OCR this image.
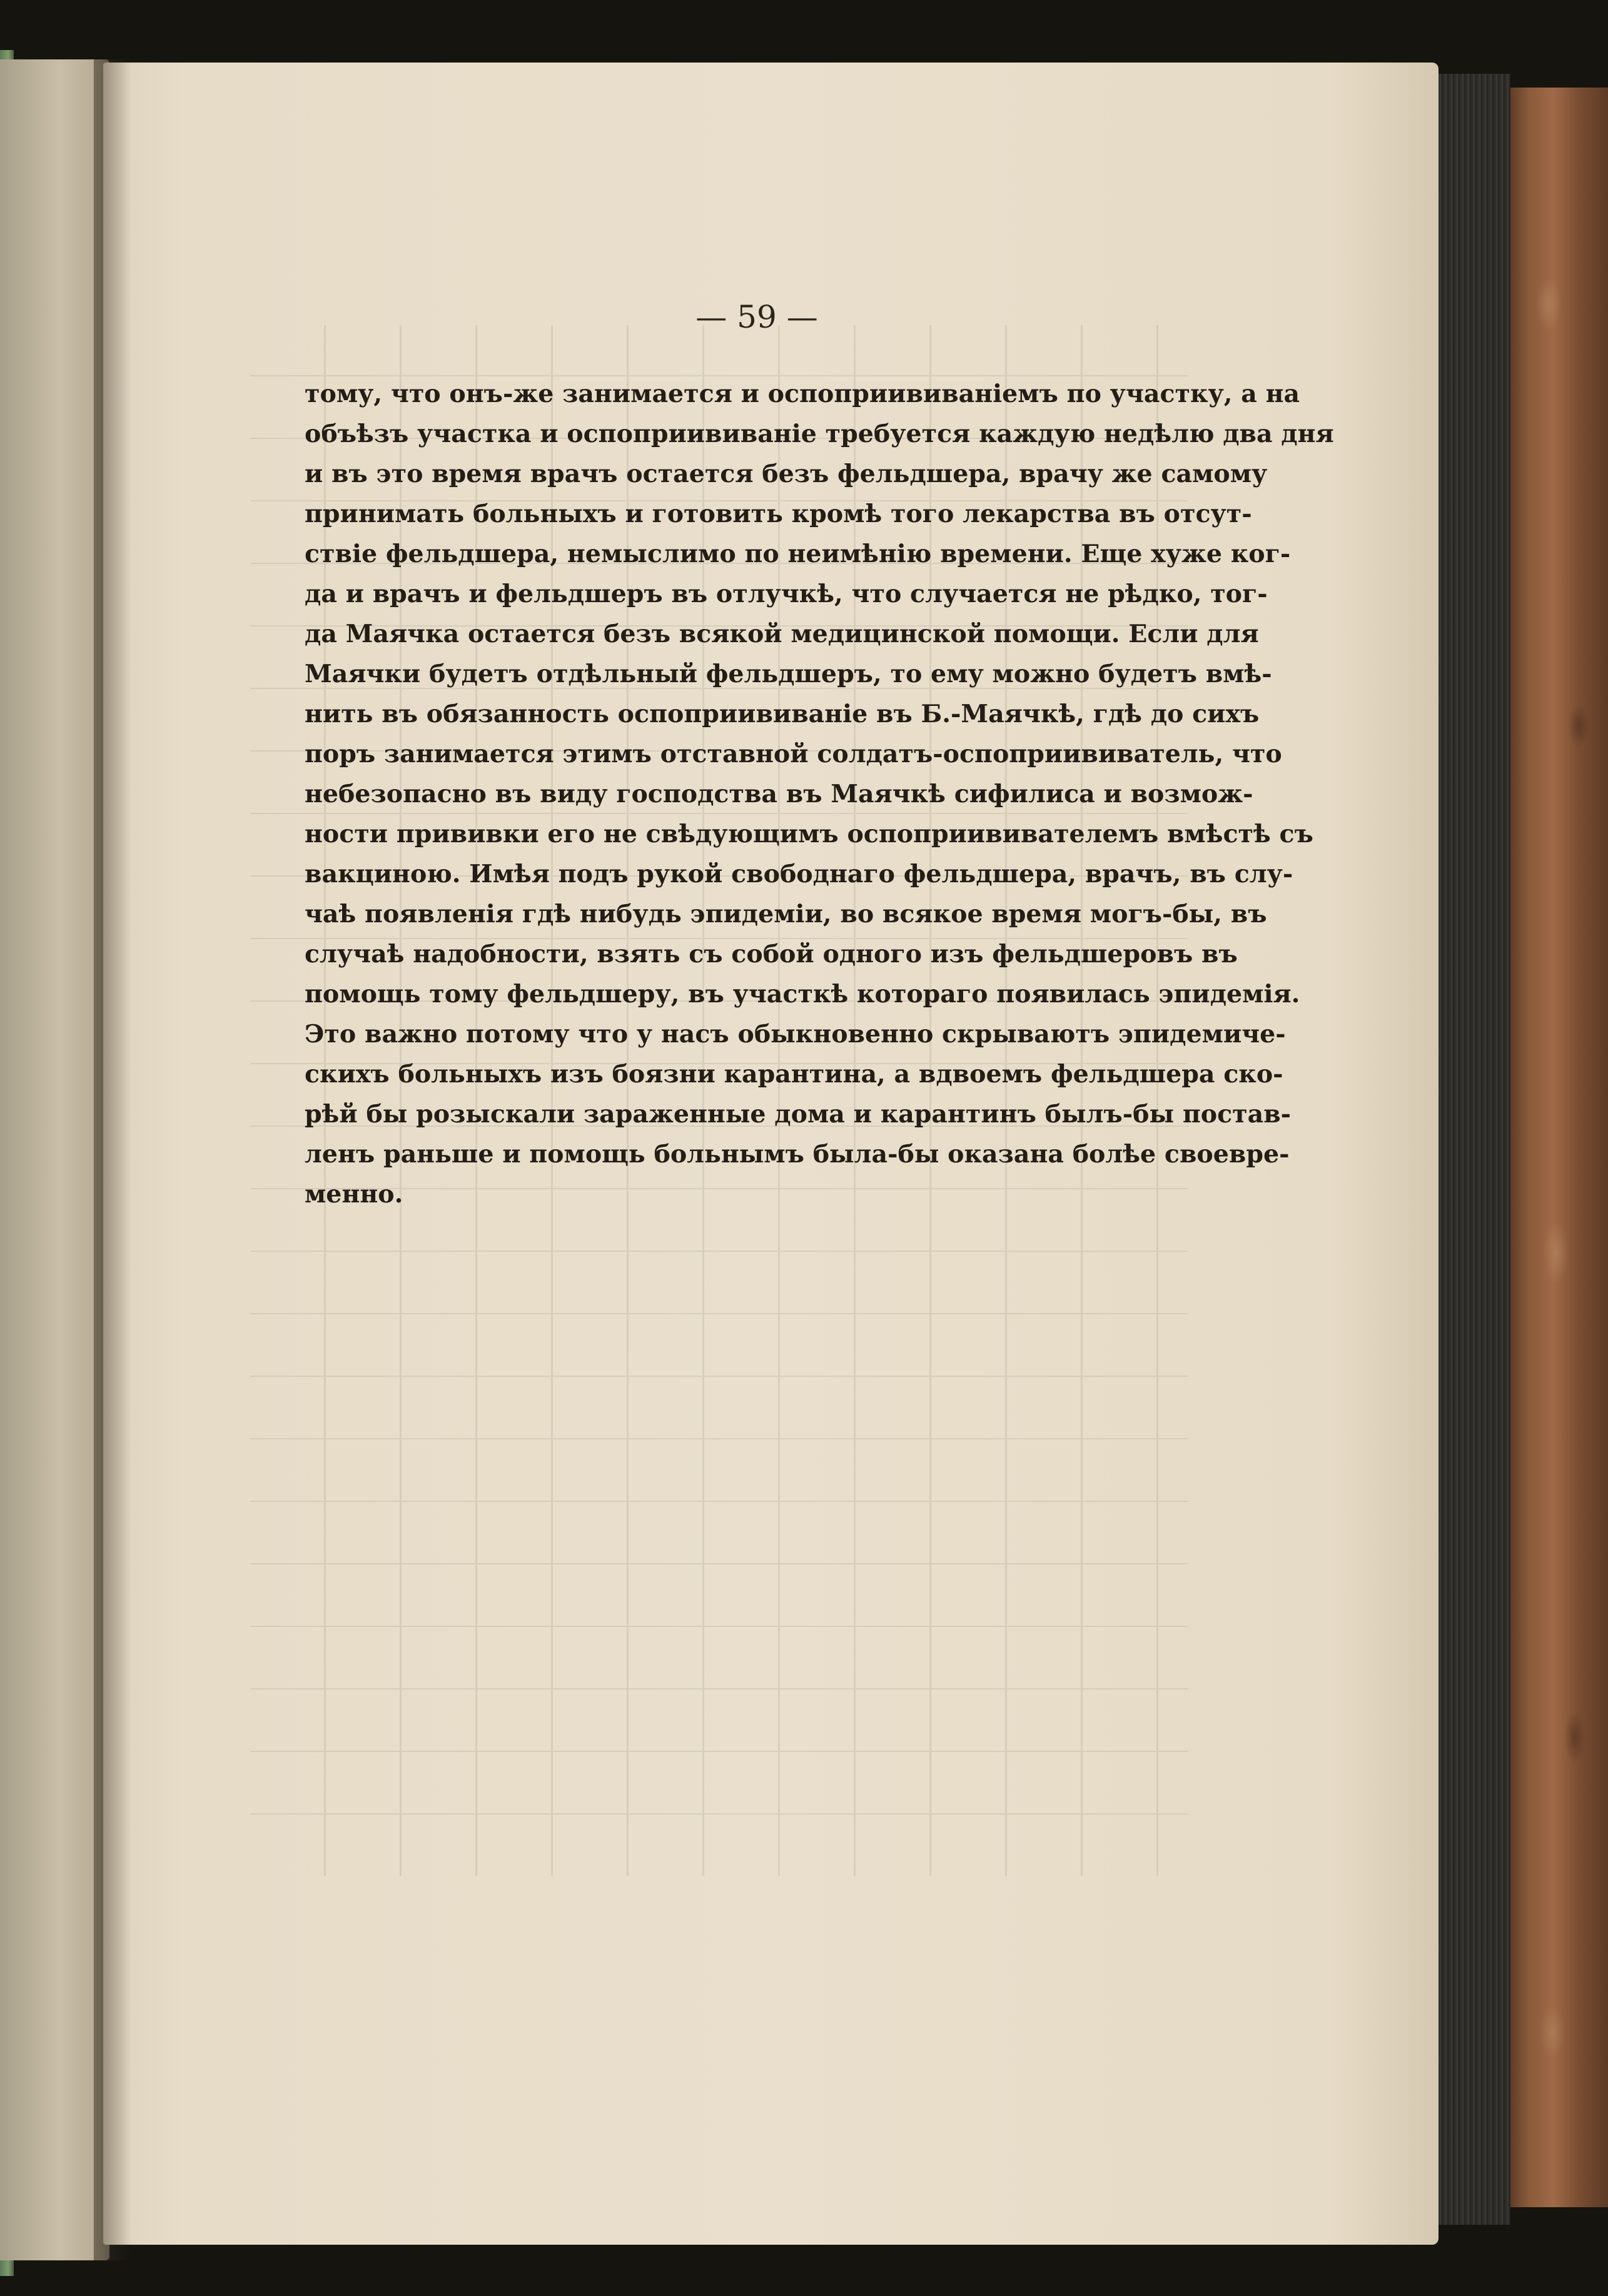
— 59 —

тому, что онъ-же занимается и оспоприививаніемъ по участку, а на
объѣзъ участка и оспоприививаніе требуется каждую недѣлю два дня
и въ это время врачъ остается безъ фельдшера, врачу же самому
принимать больныхъ и готовить кромѣ того лекарства въ отсут-
ствіе фельдшера, немыслимо по неимѣнію времени. Еще хуже ког-
да и врачъ и фельдшеръ въ отлучкѣ, что случается не рѣдко, тог-
да Маячка остается безъ всякой медицинской помощи. Если для
Маячки будетъ отдѣльный фельдшеръ, то ему можно будетъ вмѣ-
нить въ обязанность оспоприививаніе въ Б.-Маячкѣ, гдѣ до сихъ
поръ занимается этимъ отставной солдатъ-оспоприививатель, что
небезопасно въ виду господства въ Маячкѣ сифилиса и возмож-
ности прививки его не свѣдующимъ оспоприививателемъ вмѣстѣ съ
вакциною. Имѣя подъ рукой свободнаго фельдшера, врачъ, въ слу-
чаѣ появленія гдѣ нибудь эпидеміи, во всякое время могъ-бы, въ
случаѣ надобности, взять съ собой одного изъ фельдшеровъ въ
помощь тому фельдшеру, въ участкѣ котораго появилась эпидемія.
Это важно потому что у насъ обыкновенно скрываютъ эпидемиче-
скихъ больныхъ изъ боязни карантина, а вдвоемъ фельдшера ско-
рѣй бы розыскали зараженные дома и карантинъ былъ-бы постав-
ленъ раньше и помощь больнымъ была-бы оказана болѣе своевре-
менно.
